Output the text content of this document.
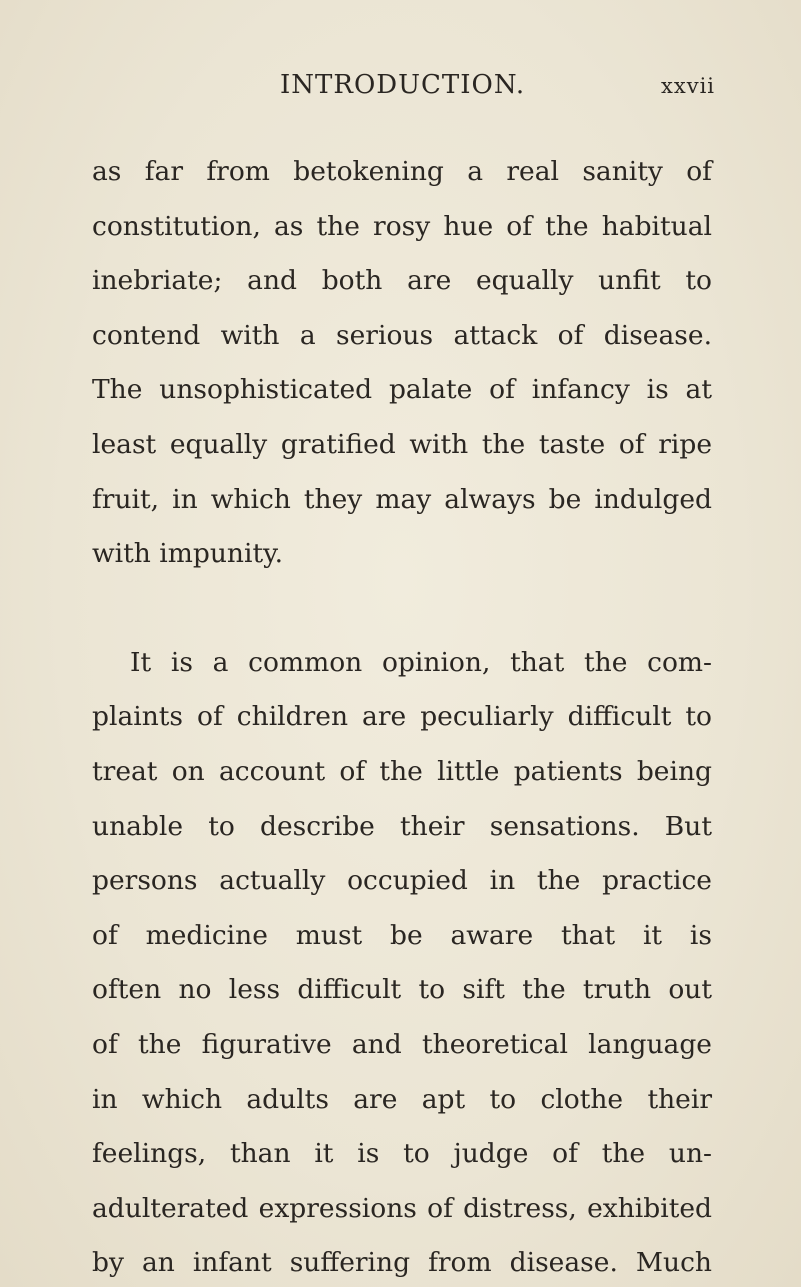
INTRODUCTION.	xxvii
as far from betokening a real sanity of
constitution, as the rosy hue of the habitual
inebriate; and both are equally unfit to
contend with a serious attack of disease.
The unsophisticated palate of infancy is at
least equally gratified with the taste of ripe
fruit, in which they may always be indulged
with impunity.
It is a common opinion, that the com-
plaints of children are peculiarly difficult to
treat on account of the little patients being
unable to describe their sensations. But
persons actually occupied in the practice
of medicine must be aware that it is
often no less difficult to sift the truth out
of the figurative and theoretical language
in which adults are apt to clothe their
feelings, than it is to judge of the un-
adulterated expressions of distress, exhibited
by an infant suffering from disease. Much
